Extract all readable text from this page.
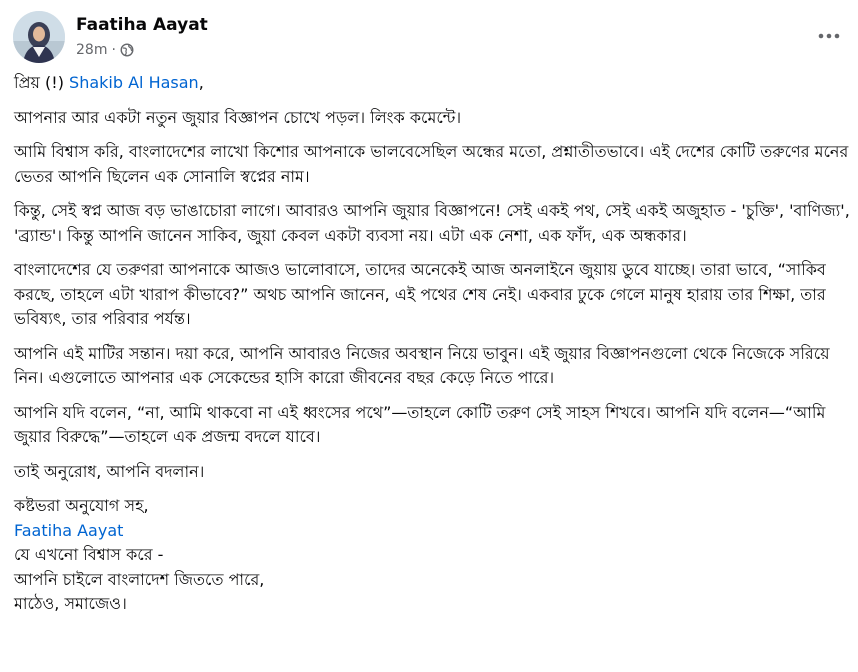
Faatiha Aayat
28m ·

প্রিয় (!) Shakib Al Hasan,

আপনার আর একটা নতুন জুয়ার বিজ্ঞাপন চোখে পড়ল। লিংক কমেন্টে।

আমি বিশ্বাস করি, বাংলাদেশের লাখো কিশোর আপনাকে ভালবেসেছিল অন্ধের মতো, প্রশ্নাতীতভাবে। এই দেশের কোটি তরুণের মনের ভেতর আপনি ছিলেন এক সোনালি স্বপ্নের নাম।

কিন্তু, সেই স্বপ্ন আজ বড় ভাঙাচোরা লাগে। আবারও আপনি জুয়ার বিজ্ঞাপনে! সেই একই পথ, সেই একই অজুহাত - 'চুক্তি', 'বাণিজ্য', 'ব্র্যান্ড'। কিন্তু আপনি জানেন সাকিব, জুয়া কেবল একটা ব্যবসা নয়। এটা এক নেশা, এক ফাঁদ, এক অন্ধকার।

বাংলাদেশের যে তরুণরা আপনাকে আজও ভালোবাসে, তাদের অনেকেই আজ অনলাইনে জুয়ায় ডুবে যাচ্ছে। তারা ভাবে, “সাকিব করছে, তাহলে এটা খারাপ কীভাবে?” অথচ আপনি জানেন, এই পথের শেষ নেই। একবার ঢুকে গেলে মানুষ হারায় তার শিক্ষা, তার ভবিষ্যৎ, তার পরিবার পর্যন্ত।

আপনি এই মাটির সন্তান। দয়া করে, আপনি আবারও নিজের অবস্থান নিয়ে ভাবুন। এই জুয়ার বিজ্ঞাপনগুলো থেকে নিজেকে সরিয়ে নিন। এগুলোতে আপনার এক সেকেন্ডের হাসি কারো জীবনের বছর কেড়ে নিতে পারে।

আপনি যদি বলেন, “না, আমি থাকবো না এই ধ্বংসের পথে”—তাহলে কোটি তরুণ সেই সাহস শিখবে। আপনি যদি বলেন—“আমি জুয়ার বিরুদ্ধে”—তাহলে এক প্রজন্ম বদলে যাবে।

তাই অনুরোধ, আপনি বদলান।

কষ্টভরা অনুযোগ সহ,
Faatiha Aayat
যে এখনো বিশ্বাস করে -
আপনি চাইলে বাংলাদেশ জিততে পারে,
মাঠেও, সমাজেও।
